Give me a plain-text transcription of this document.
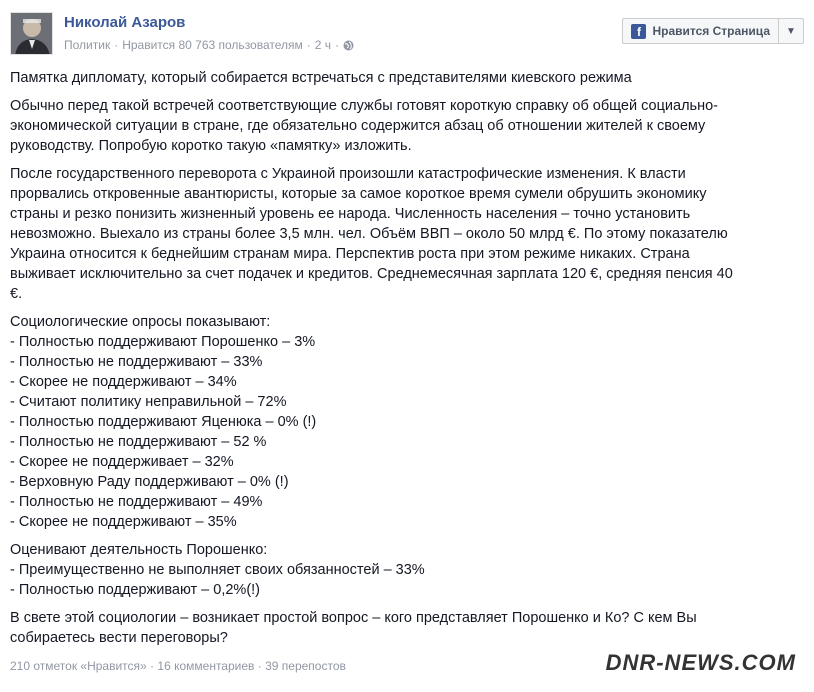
Николай Азаров
Политик · Нравится 80 763 пользователям · 2 ч ·
f Нравится Страница	▼

Памятка дипломату, который собирается встречаться с представителями киевского режима

Обычно перед такой встречей соответствующие службы готовят короткую справку об общей социально-
экономической ситуации в стране, где обязательно содержится абзац об отношении жителей к своему
руководству. Попробую коротко такую «памятку» изложить.

После государственного переворота с Украиной произошли катастрофические изменения. К власти
прорвались откровенные авантюристы, которые за самое короткое время сумели обрушить экономику
страны и резко понизить жизненный уровень ее народа. Численность населения – точно установить
невозможно. Выехало из страны более 3,5 млн. чел. Объём ВВП – около 50 млрд €. По этому показателю
Украина относится к беднейшим странам мира. Перспектив роста при этом режиме никаких. Страна
выживает исключительно за счет подачек и кредитов. Среднемесячная зарплата 120 €, средняя пенсия 40
€.

Социологические опросы показывают:
- Полностью поддерживают Порошенко – 3%
- Полностью не поддерживают – 33%
- Скорее не поддерживают – 34%
- Считают политику неправильной – 72%
- Полностью поддерживают Яценюка – 0% (!)
- Полностью не поддерживают – 52 %
- Скорее не поддерживает – 32%
- Верховную Раду поддерживают – 0% (!)
- Полностью не поддерживают – 49%
- Скорее не поддерживают – 35%

Оценивают деятельность Порошенко:
- Преимущественно не выполняет своих обязанностей – 33%
- Полностью поддерживают – 0,2%(!)

В свете этой социологии – возникает простой вопрос – кого представляет Порошенко и Ко? С кем Вы
собираетесь вести переговоры?

210 отметок «Нравится» · 16 комментариев · 39 перепостов	DNR-NEWS.COM
